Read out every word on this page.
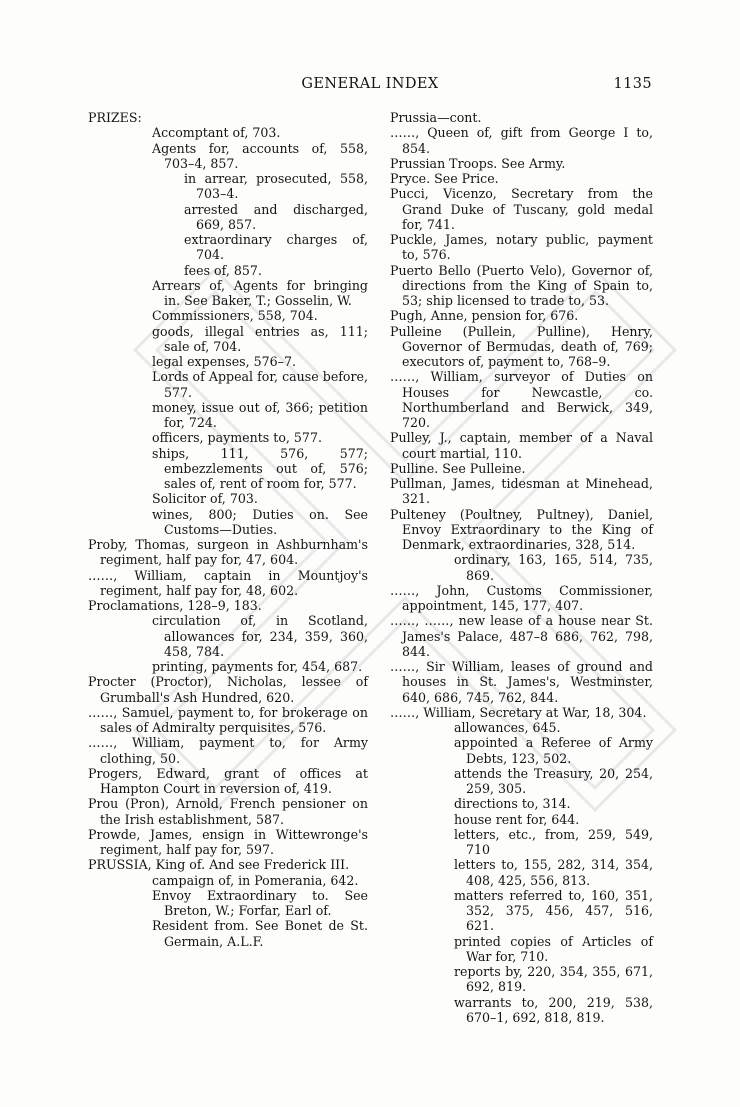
GENERAL INDEX	1135
PRIZES:
Accomptant of, 703.
Agents for, accounts of, 558, 703–4, 857.
in arrear, prosecuted, 558, 703–4.
arrested and discharged, 669, 857.
extraordinary charges of, 704.
fees of, 857.
Arrears of, Agents for bringing in. See Baker, T.; Gosselin, W.
Commissioners, 558, 704.
goods, illegal entries as, 111; sale of, 704.
legal expenses, 576–7.
Lords of Appeal for, cause before, 577.
money, issue out of, 366; petition for, 724.
officers, payments to, 577.
ships, 111, 576, 577; embezzlements out of, 576; sales of, rent of room for, 577.
Solicitor of, 703.
wines, 800; Duties on. See Customs—Duties.
Proby, Thomas, surgeon in Ashburnham's regiment, half pay for, 47, 604.
……, William, captain in Mountjoy's regiment, half pay for, 48, 602.
Proclamations, 128–9, 183.
circulation of, in Scotland, allowances for, 234, 359, 360, 458, 784.
printing, payments for, 454, 687.
Procter (Proctor), Nicholas, lessee of Grumball's Ash Hundred, 620.
……, Samuel, payment to, for brokerage on sales of Admiralty perquisites, 576.
……, William, payment to, for Army clothing, 50.
Progers, Edward, grant of offices at Hampton Court in reversion of, 419.
Prou (Pron), Arnold, French pensioner on the Irish establishment, 587.
Prowde, James, ensign in Wittewronge's regiment, half pay for, 597.
PRUSSIA, King of. And see Frederick III.
campaign of, in Pomerania, 642.
Envoy Extraordinary to. See Breton, W.; Forfar, Earl of.
Resident from. See Bonet de St. Germain, A.L.F.
Prussia—cont.
……, Queen of, gift from George I to, 854.
Prussian Troops. See Army.
Pryce. See Price.
Pucci, Vicenzo, Secretary from the Grand Duke of Tuscany, gold medal for, 741.
Puckle, James, notary public, payment to, 576.
Puerto Bello (Puerto Velo), Governor of, directions from the King of Spain to, 53; ship licensed to trade to, 53.
Pugh, Anne, pension for, 676.
Pulleine (Pullein, Pulline), Henry, Governor of Bermudas, death of, 769; executors of, payment to, 768–9.
……, William, surveyor of Duties on Houses for Newcastle, co. Northumberland and Berwick, 349, 720.
Pulley, J., captain, member of a Naval court martial, 110.
Pulline. See Pulleine.
Pullman, James, tidesman at Minehead, 321.
Pulteney (Poultney, Pultney), Daniel, Envoy Extraordinary to the King of Denmark, extraordinaries, 328, 514.
ordinary, 163, 165, 514, 735, 869.
……, John, Customs Commissioner, appointment, 145, 177, 407.
……, ……, new lease of a house near St. James's Palace, 487–8 686, 762, 798, 844.
……, Sir William, leases of ground and houses in St. James's, Westminster, 640, 686, 745, 762, 844.
……, William, Secretary at War, 18, 304.
allowances, 645.
appointed a Referee of Army Debts, 123, 502.
attends the Treasury, 20, 254, 259, 305.
directions to, 314.
house rent for, 644.
letters, etc., from, 259, 549, 710
letters to, 155, 282, 314, 354, 408, 425, 556, 813.
matters referred to, 160, 351, 352, 375, 456, 457, 516, 621.
printed copies of Articles of War for, 710.
reports by, 220, 354, 355, 671, 692, 819.
warrants to, 200, 219, 538, 670–1, 692, 818, 819.
